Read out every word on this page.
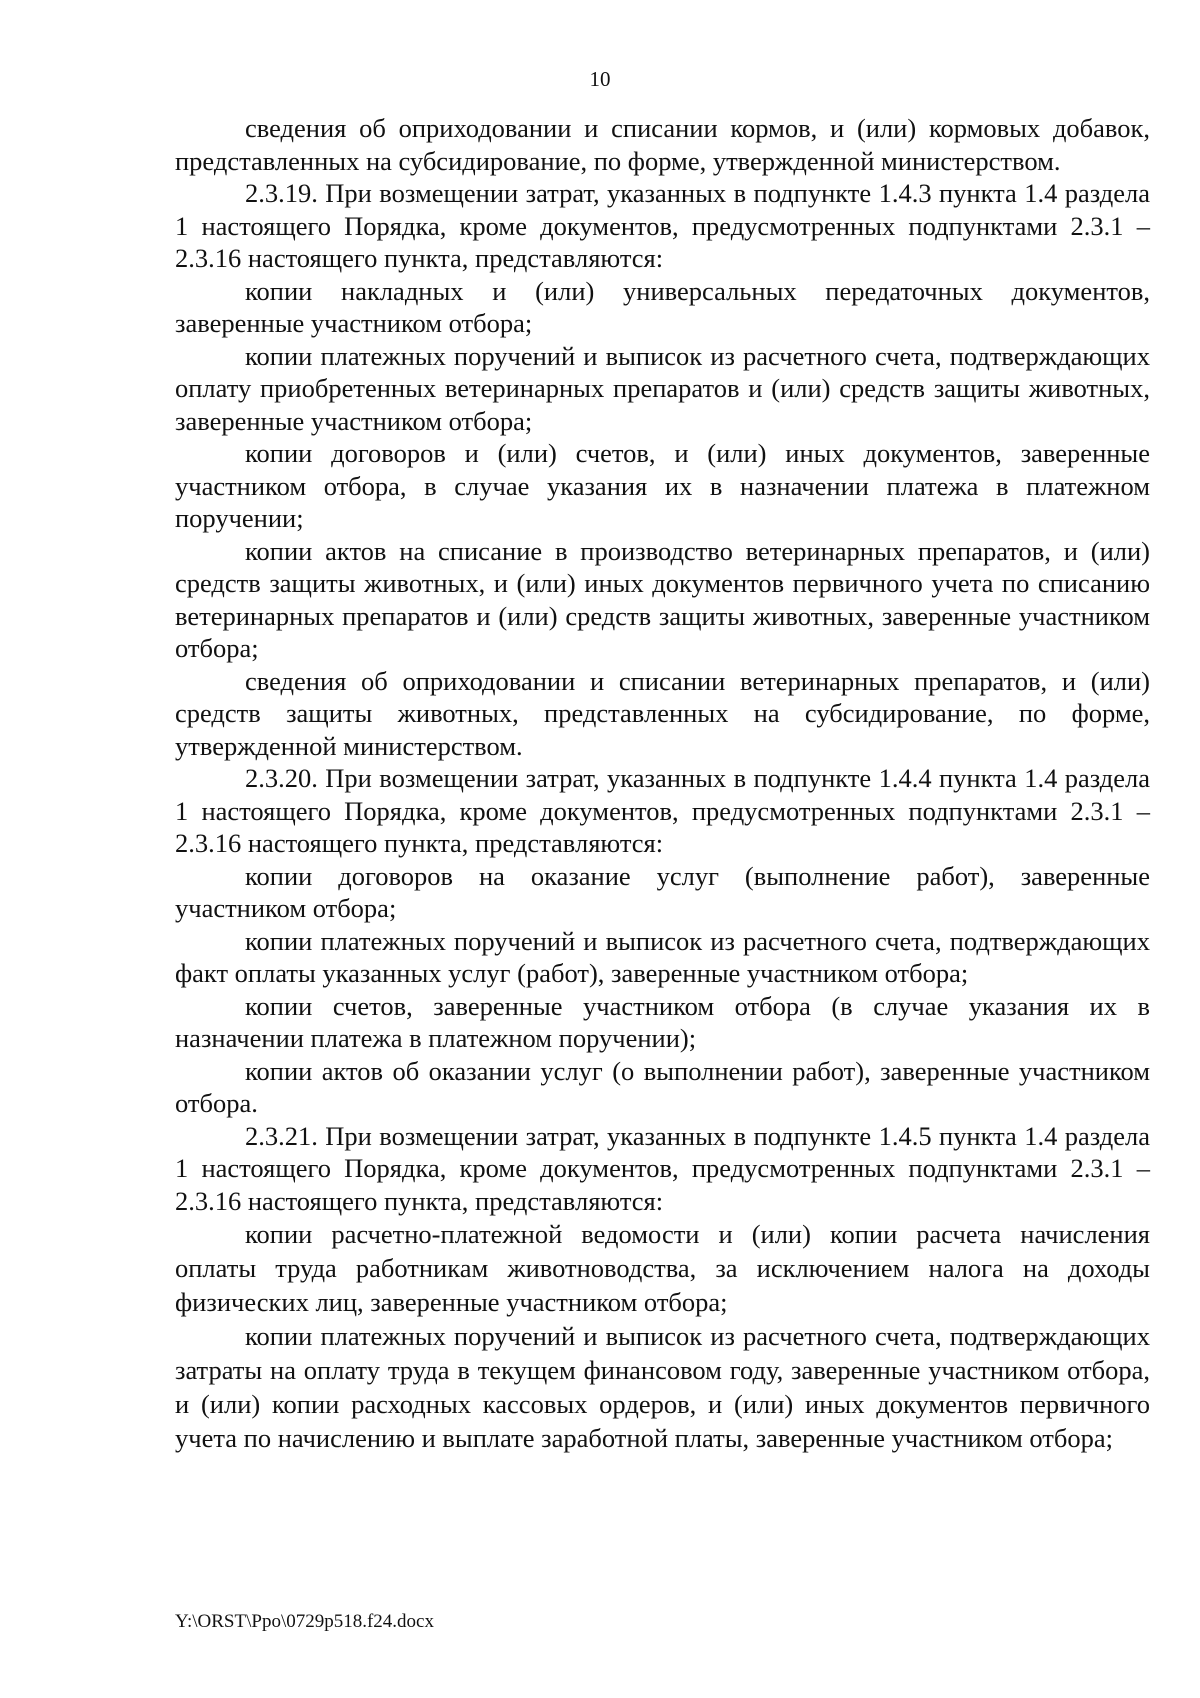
10

сведения об оприходовании и списании кормов, и (или) кормовых добавок, представленных на субсидирование, по форме, утвержденной министерством.

2.3.19. При возмещении затрат, указанных в подпункте 1.4.3 пункта 1.4 раздела 1 настоящего Порядка, кроме документов, предусмотренных подпунктами 2.3.1 – 2.3.16 настоящего пункта, представляются:

копии накладных и (или) универсальных передаточных документов, заверенные участником отбора;

копии платежных поручений и выписок из расчетного счета, подтверждающих оплату приобретенных ветеринарных препаратов и (или) средств защиты животных, заверенные участником отбора;

копии договоров и (или) счетов, и (или) иных документов, заверенные участником отбора, в случае указания их в назначении платежа в платежном поручении;

копии актов на списание в производство ветеринарных препаратов, и (или) средств защиты животных, и (или) иных документов первичного учета по списанию ветеринарных препаратов и (или) средств защиты животных, заверенные участником отбора;

сведения об оприходовании и списании ветеринарных препаратов, и (или) средств защиты животных, представленных на субсидирование, по форме, утвержденной министерством.

2.3.20. При возмещении затрат, указанных в подпункте 1.4.4 пункта 1.4 раздела 1 настоящего Порядка, кроме документов, предусмотренных подпунктами 2.3.1 – 2.3.16 настоящего пункта, представляются:

копии договоров на оказание услуг (выполнение работ), заверенные участником отбора;

копии платежных поручений и выписок из расчетного счета, подтверждающих факт оплаты указанных услуг (работ), заверенные участником отбора;

копии счетов, заверенные участником отбора (в случае указания их в назначении платежа в платежном поручении);

копии актов об оказании услуг (о выполнении работ), заверенные участником отбора.

2.3.21. При возмещении затрат, указанных в подпункте 1.4.5 пункта 1.4 раздела 1 настоящего Порядка, кроме документов, предусмотренных подпунктами 2.3.1 – 2.3.16 настоящего пункта, представляются:

копии расчетно-платежной ведомости и (или) копии расчета начисления оплаты труда работникам животноводства, за исключением налога на доходы физических лиц, заверенные участником отбора;

копии платежных поручений и выписок из расчетного счета, подтверждающих затраты на оплату труда в текущем финансовом году, заверенные участником отбора, и (или) копии расходных кассовых ордеров, и (или) иных документов первичного учета по начислению и выплате заработной платы, заверенные участником отбора;

Y:\ORST\Ppo\0729p518.f24.docx
